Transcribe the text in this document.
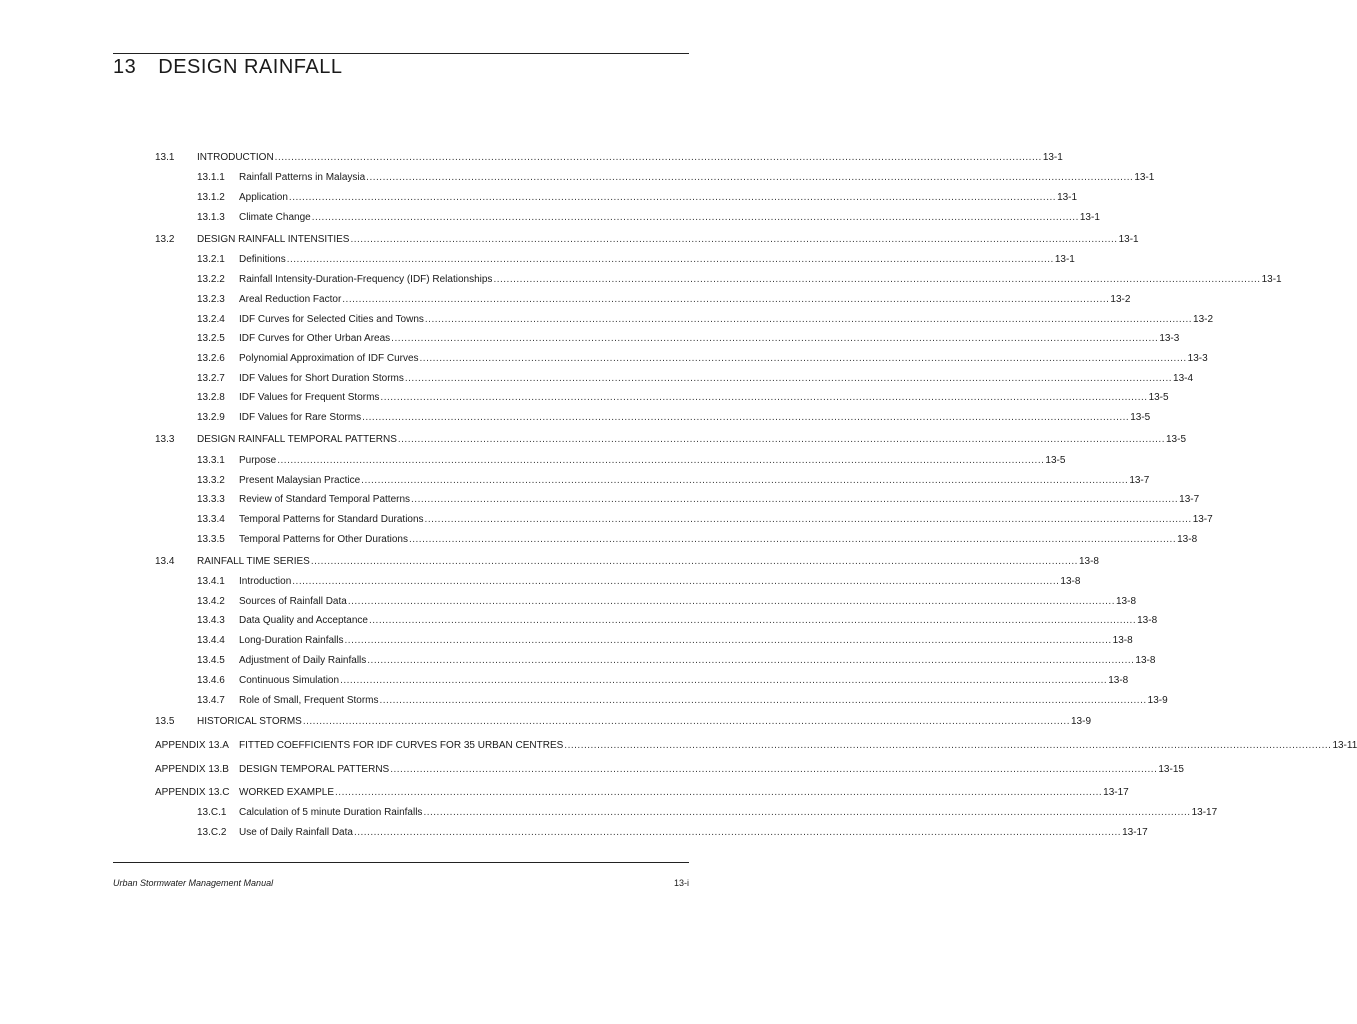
13 DESIGN RAINFALL
13.1	INTRODUCTION .......................................................................................................................................................................................................................................... 13-1
13.1.1	Rainfall Patterns in Malaysia .......................................................................................................................................................................................................................................... 13-1
13.1.2	Application .......................................................................................................................................................................................................................................... 13-1
13.1.3	Climate Change .......................................................................................................................................................................................................................................... 13-1
13.2	DESIGN RAINFALL INTENSITIES .......................................................................................................................................................................................................................................... 13-1
13.2.1	Definitions .......................................................................................................................................................................................................................................... 13-1
13.2.2	Rainfall Intensity-Duration-Frequency (IDF) Relationships .......................................................................................................................................................................................................................................... 13-1
13.2.3	Areal Reduction Factor .......................................................................................................................................................................................................................................... 13-2
13.2.4	IDF Curves for Selected Cities and Towns .......................................................................................................................................................................................................................................... 13-2
13.2.5	IDF Curves for Other Urban Areas .......................................................................................................................................................................................................................................... 13-3
13.2.6	Polynomial Approximation of IDF Curves .......................................................................................................................................................................................................................................... 13-3
13.2.7	IDF Values for Short Duration Storms .......................................................................................................................................................................................................................................... 13-4
13.2.8	IDF Values for Frequent Storms .......................................................................................................................................................................................................................................... 13-5
13.2.9	IDF Values for Rare Storms .......................................................................................................................................................................................................................................... 13-5
13.3	DESIGN RAINFALL TEMPORAL PATTERNS .......................................................................................................................................................................................................................................... 13-5
13.3.1	Purpose .......................................................................................................................................................................................................................................... 13-5
13.3.2	Present Malaysian Practice .......................................................................................................................................................................................................................................... 13-7
13.3.3	Review of Standard Temporal Patterns .......................................................................................................................................................................................................................................... 13-7
13.3.4	Temporal Patterns for Standard Durations .......................................................................................................................................................................................................................................... 13-7
13.3.5	Temporal Patterns for Other Durations .......................................................................................................................................................................................................................................... 13-8
13.4	RAINFALL TIME SERIES .......................................................................................................................................................................................................................................... 13-8
13.4.1	Introduction .......................................................................................................................................................................................................................................... 13-8
13.4.2	Sources of Rainfall Data .......................................................................................................................................................................................................................................... 13-8
13.4.3	Data Quality and Acceptance .......................................................................................................................................................................................................................................... 13-8
13.4.4	Long-Duration Rainfalls .......................................................................................................................................................................................................................................... 13-8
13.4.5	Adjustment of Daily Rainfalls .......................................................................................................................................................................................................................................... 13-8
13.4.6	Continuous Simulation .......................................................................................................................................................................................................................................... 13-8
13.4.7	Role of Small, Frequent Storms .......................................................................................................................................................................................................................................... 13-9
13.5	HISTORICAL STORMS .......................................................................................................................................................................................................................................... 13-9
APPENDIX 13.A	FITTED COEFFICIENTS FOR IDF CURVES FOR 35 URBAN CENTRES .......................................................................................................................................................................................................................................... 13-11
APPENDIX 13.B	DESIGN TEMPORAL PATTERNS .......................................................................................................................................................................................................................................... 13-15
APPENDIX 13.C WORKED EXAMPLE .......................................................................................................................................................................................................................................... 13-17
13.C.1	Calculation of 5 minute Duration Rainfalls .......................................................................................................................................................................................................................................... 13-17
13.C.2	Use of Daily Rainfall Data .......................................................................................................................................................................................................................................... 13-17
Urban Stormwater Management Manual	13-i
